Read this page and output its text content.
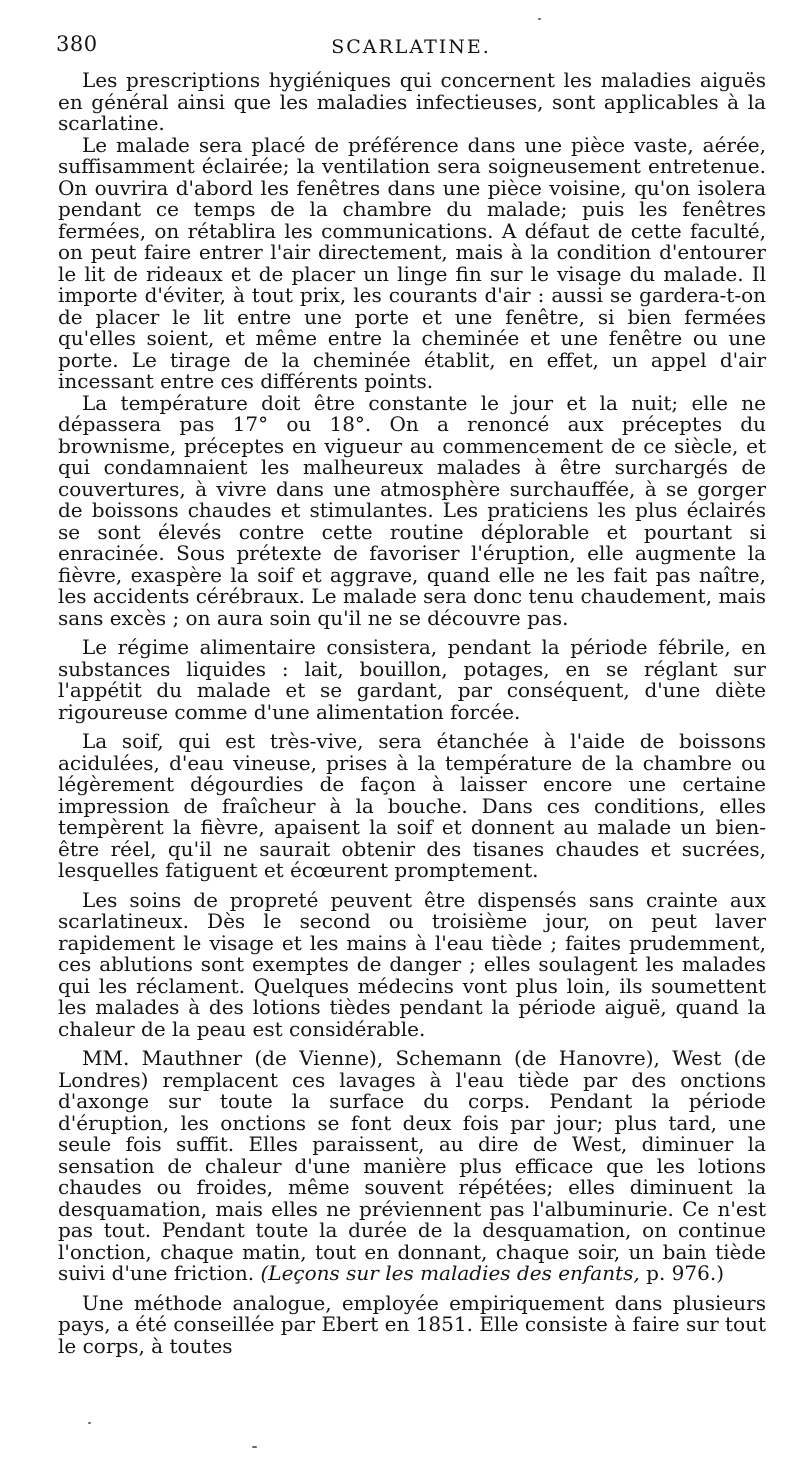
380	SCARLATINE.

Les prescriptions hygiéniques qui concernent les maladies aiguës en général ainsi que les maladies infectieuses, sont applicables à la scarlatine.

Le malade sera placé de préférence dans une pièce vaste, aérée, suffisamment éclairée; la ventilation sera soigneusement entretenue. On ouvrira d'abord les fenêtres dans une pièce voisine, qu'on isolera pendant ce temps de la chambre du malade; puis les fenêtres fermées, on rétablira les communications. A défaut de cette faculté, on peut faire entrer l'air directement, mais à la condition d'entourer le lit de rideaux et de placer un linge fin sur le visage du malade. Il importe d'éviter, à tout prix, les courants d'air : aussi se gardera-t-on de placer le lit entre une porte et une fenêtre, si bien fermées qu'elles soient, et même entre la cheminée et une fenêtre ou une porte. Le tirage de la cheminée établit, en effet, un appel d'air incessant entre ces différents points.

La température doit être constante le jour et la nuit; elle ne dépassera pas 17° ou 18°. On a renoncé aux préceptes du brownisme, préceptes en vigueur au commencement de ce siècle, et qui condamnaient les malheureux malades à être surchargés de couvertures, à vivre dans une atmosphère surchauffée, à se gorger de boissons chaudes et stimulantes. Les praticiens les plus éclairés se sont élevés contre cette routine déplorable et pourtant si enracinée. Sous prétexte de favoriser l'éruption, elle augmente la fièvre, exaspère la soif et aggrave, quand elle ne les fait pas naître, les accidents cérébraux. Le malade sera donc tenu chaudement, mais sans excès ; on aura soin qu'il ne se découvre pas.

Le régime alimentaire consistera, pendant la période fébrile, en substances liquides : lait, bouillon, potages, en se réglant sur l'appétit du malade et se gardant, par conséquent, d'une diète rigoureuse comme d'une alimentation forcée.

La soif, qui est très-vive, sera étanchée à l'aide de boissons acidulées, d'eau vineuse, prises à la température de la chambre ou légèrement dégourdies de façon à laisser encore une certaine impression de fraîcheur à la bouche. Dans ces conditions, elles tempèrent la fièvre, apaisent la soif et donnent au malade un bien-être réel, qu'il ne saurait obtenir des tisanes chaudes et sucrées, lesquelles fatiguent et écœurent promptement.

Les soins de propreté peuvent être dispensés sans crainte aux scarlatineux. Dès le second ou troisième jour, on peut laver rapidement le visage et les mains à l'eau tiède ; faites prudemment, ces ablutions sont exemptes de danger ; elles soulagent les malades qui les réclament. Quelques médecins vont plus loin, ils soumettent les malades à des lotions tièdes pendant la période aiguë, quand la chaleur de la peau est considérable.

MM. Mauthner (de Vienne), Schemann (de Hanovre), West (de Londres) remplacent ces lavages à l'eau tiède par des onctions d'axonge sur toute la surface du corps. Pendant la période d'éruption, les onctions se font deux fois par jour; plus tard, une seule fois suffit. Elles paraissent, au dire de West, diminuer la sensation de chaleur d'une manière plus efficace que les lotions chaudes ou froides, même souvent répétées; elles diminuent la desquamation, mais elles ne préviennent pas l'albuminurie. Ce n'est pas tout. Pendant toute la durée de la desquamation, on continue l'onction, chaque matin, tout en donnant, chaque soir, un bain tiède suivi d'une friction. (Leçons sur les maladies des enfants, p. 976.)

Une méthode analogue, employée empiriquement dans plusieurs pays, a été conseillée par Ebert en 1851. Elle consiste à faire sur tout le corps, à toutes
